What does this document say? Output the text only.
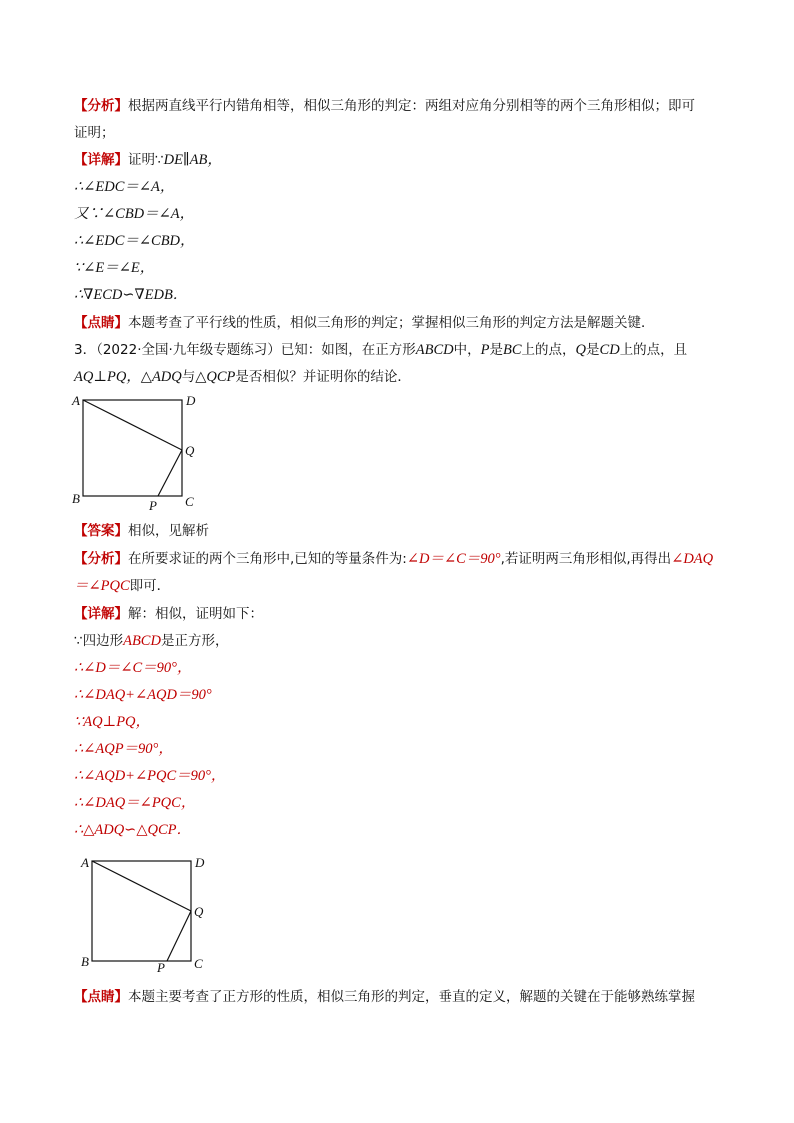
【分析】根据两直线平行内错角相等，相似三角形的判定：两组对应角分别相等的两个三角形相似；即可
证明；
【详解】证明∵DE∥AB，
∴∠EDC＝∠A，
又∵∠CBD＝∠A，
∴∠EDC＝∠CBD，
∵∠E＝∠E，
∴∇ECD∽∇EDB．
【点睛】本题考查了平行线的性质，相似三角形的判定；掌握相似三角形的判定方法是解题关键．
3．（2022·全国·九年级专题练习）已知：如图，在正方形ABCD中，P是BC上的点，Q是CD上的点，且
AQ⊥PQ，△ADQ与△QCP是否相似？并证明你的结论．
A	D
Q
B	P C
【答案】相似，见解析
【分析】在所要求证的两个三角形中,已知的等量条件为:∠D＝∠C＝90°,若证明两三角形相似,再得出∠DAQ
＝∠PQC即可．
【详解】解：相似，证明如下：
∵四边形ABCD是正方形，
∴∠D＝∠C＝90°，
∴∠DAQ+∠AQD＝90°
∵AQ⊥PQ，
∴∠AQP＝90°，
∴∠AQD+∠PQC＝90°，
∴∠DAQ＝∠PQC，
∴△ADQ∽△QCP．
A	D
Q
B	P C
【点睛】本题主要考查了正方形的性质，相似三角形的判定，垂直的定义，解题的关键在于能够熟练掌握
